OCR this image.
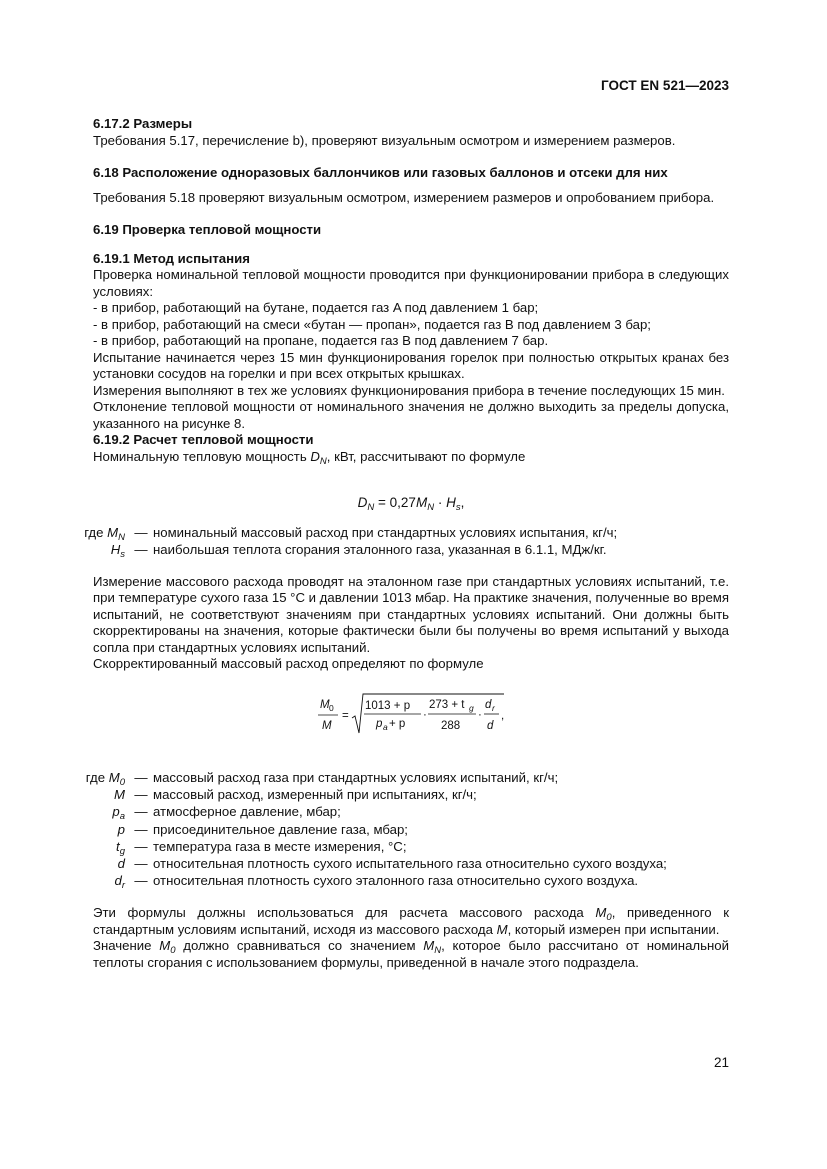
ГОСТ EN 521—2023

6.17.2 Размеры

Требования 5.17, перечисление b), проверяют визуальным осмотром и измерением размеров.

6.18 Расположение одноразовых баллончиков или газовых баллонов и отсеки для них

Требования 5.18 проверяют визуальным осмотром, измерением размеров и опробованием прибора.

6.19 Проверка тепловой мощности

6.19.1 Метод испытания

Проверка номинальной тепловой мощности проводится при функционировании прибора в следующих условиях:

- в прибор, работающий на бутане, подается газ A под давлением 1 бар;

- в прибор, работающий на смеси «бутан — пропан», подается газ B под давлением 3 бар;

- в прибор, работающий на пропане, подается газ B под давлением 7 бар.

Испытание начинается через 15 мин функционирования горелок при полностью открытых кранах без установки сосудов на горелки и при всех открытых крышках.

Измерения выполняют в тех же условиях функционирования прибора в течение последующих 15 мин.

Отклонение тепловой мощности от номинального значения не должно выходить за пределы допуска, указанного на рисунке 8.

6.19.2 Расчет тепловой мощности

Номинальную тепловую мощность $D_N$, кВт, рассчитывают по формуле

$D_N = 0,27M_N \cdot H_s$,
где $M_N$ — номинальный массовый расход при стандартных условиях испытания, кг/ч;
$H_s$ — наибольшая теплота сгорания эталонного газа, указанная в 6.1.1, МДж/кг.

Измерение массового расхода проводят на эталонном газе при стандартных условиях испытаний, т.е. при температуре сухого газа 15 °C и давлении 1013 мбар. На практике значения, полученные во время испытаний, не соответствуют значениям при стандартных условиях испытаний. Они должны быть скорректированы на значения, которые фактически были бы получены во время испытаний у выхода сопла при стандартных условиях испытаний.

Скорректированный массовый расход определяют по формуле

M 0
M
=
1013 + p
p a + p
·
273 + t g
288
·
d r
d
,
где $M_0$ — массовый расход газа при стандартных условиях испытаний, кг/ч;
M — массовый расход, измеренный при испытаниях, кг/ч;
$p_a$ — атмосферное давление, мбар;
p — присоединительное давление газа, мбар;
$t_g$ — температура газа в месте измерения, °C;
d — относительная плотность сухого испытательного газа относительно сухого воздуха;
$d_r$ — относительная плотность сухого эталонного газа относительно сухого воздуха.

Эти формулы должны использоваться для расчета массового расхода $M_0$, приведенного к стандартным условиям испытаний, исходя из массового расхода M, который измерен при испытании.

Значение $M_0$ должно сравниваться со значением $M_N$, которое было рассчитано от номинальной теплоты сгорания с использованием формулы, приведенной в начале этого подраздела.

21
